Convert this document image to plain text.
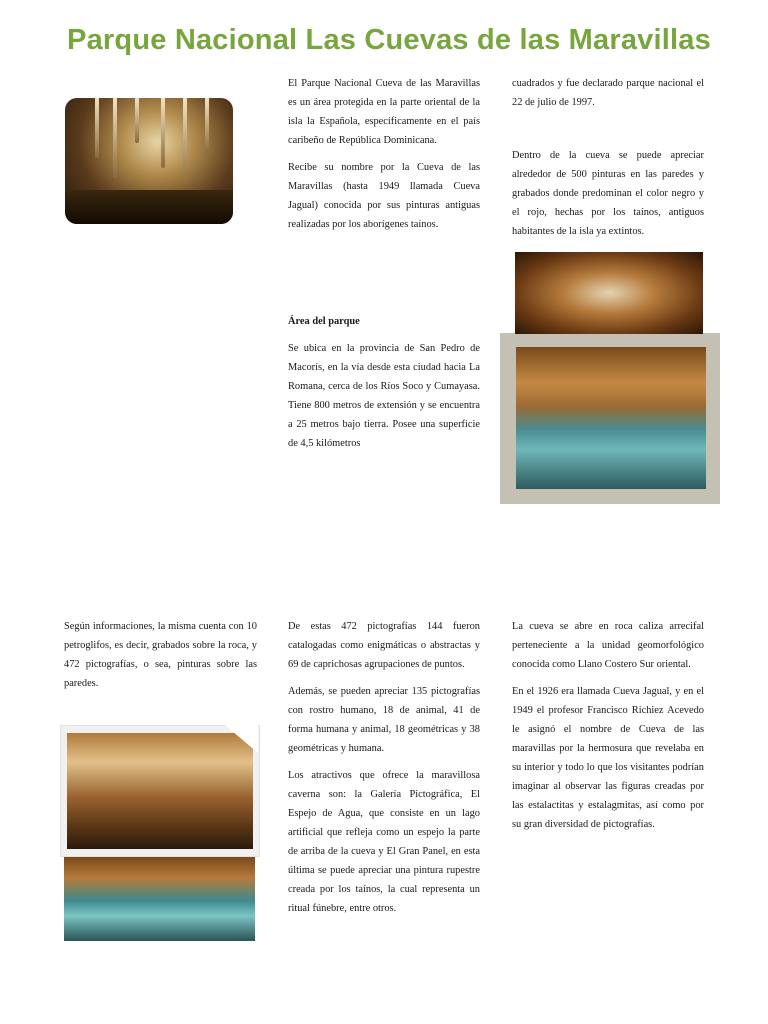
Parque Nacional Las Cuevas de las Maravillas

El Parque Nacional Cueva de las Maravillas es un área protegida en la parte oriental de la isla la Española, específicamente en el país caribeño de República Dominicana.

Recibe su nombre por la Cueva de las Maravillas (hasta 1949 llamada Cueva Jagual) conocida por sus pinturas antiguas realizadas por los aborígenes taínos.

Área del parque

Se ubica en la provincia de San Pedro de Macorís, en la vía desde esta ciudad hacia La Romana, cerca de los Ríos Soco y Cumayasa. Tiene 800 metros de extensión y se encuentra a 25 metros bajo tierra. Posee una superficie de 4,5 kilómetros

cuadrados y fue declarado parque nacional el 22 de julio de 1997.

Dentro de la cueva se puede apreciar alrededor de 500 pinturas en las paredes y grabados donde predominan el color negro y el rojo, hechas por los taínos, antiguos habitantes de la isla ya extintos.

Según informaciones, la misma cuenta con 10 petroglifos, es decir, grabados sobre la roca, y 472 pictografías, o sea, pinturas sobre las paredes.

De estas 472 pictografías 144 fueron catalogadas como enigmáticas o abstractas y 69 de caprichosas agrupaciones de puntos.

Además, se pueden apreciar 135 pictografías con rostro humano, 18 de animal, 41 de forma humana y animal, 18 geométricas y 38 geométricas y humana.

Los atractivos que ofrece la maravillosa caverna son: la Galería Pictográfica, El Espejo de Agua, que consiste en un lago artificial que refleja como un espejo la parte de arriba de la cueva y El Gran Panel, en esta última se puede apreciar una pintura rupestre creada por los taínos, la cual representa un ritual fúnebre, entre otros.

La cueva se abre en roca caliza arrecifal perteneciente a la unidad geomorfológico conocida como Llano Costero Sur oriental.

En el 1926 era llamada Cueva Jagual, y en el 1949 el profesor Francisco Richiez Acevedo le asignó el nombre de Cueva de las maravillas por la hermosura que revelaba en su interior y todo lo que los visitantes podrían imaginar al observar las figuras creadas por las estalactitas y estalagmitas, así como por su gran diversidad de pictografías.
